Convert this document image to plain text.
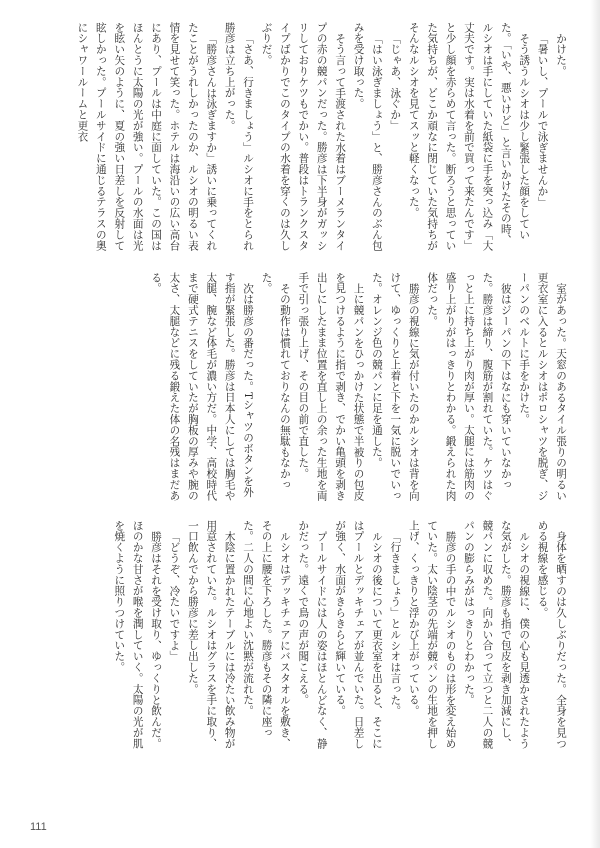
かけた。

「暑いし、プールで泳ぎませんか」

そう誘うルシオは少し緊張した顔をしていた。「いや、悪いけど」と言いかけたその時、ルシオは手にしていた紙袋に手を突っ込み「大丈夫です。実は水着を前で買って来たんです」と少し顔を赤らめて言った。断ろうと思っていた気持ちが、どこか頑なに閉じていた気持ちがそんなルシオを見てスッと軽くなった。

「じゃあ、泳ぐか」

「はい泳ぎましょう」と、勝彦さんのぶん包みを受け取った。

そう言って手渡された水着はブーメランタイプの赤の競パンだった。勝彦は下半身がガッシリしておりケツもでかい。普段はトランクスタイプばかりでこのタイプの水着を穿くのは久しぶりだ。

「さあ、行きましょう」ルシオに手をとられ勝彦は立ち上がった。

「勝彦さんは泳ぎますか」誘いに乗ってくれたことがうれしかったのか、ルシオの明るい表情を見せて笑った。ホテルは海沿いの広い高台にあり、プールは中庭に面していた。この国はほんとうに太陽の光が強い。プールの水面は光を眩い矢のように、夏の強い日差しを反射して眩しかった。プールサイドに通じるテラスの奥にシャワールームと更衣

室があった。天窓のあるタイル張りの明るい更衣室に入るとルシオはポロシャツを脱ぎ、ジーパンのベルトに手をかけた。

彼はジーパンの下はなにも穿いていなかった。勝彦は締り、腹筋が割れていた。ケツはぐっと上に持ち上がり肉が厚い。太腿には筋肉の盛り上がりがはっきりとわかる。鍛えられた肉体だった。

勝彦の視線に気が付いたのかルシオは背を向けて、ゆっくりと上着と下を一気に脱いでいった。オレンジ色の競パンに足を通した。

上に競パンをひっかけた状態で半被りの包皮を見つけるように指で剥き、でかい亀頭を剥き出しにしたまま位置を直し上の余った生地を両手で引っ張り上げ、その目の前で直した。

その動作は慣れておりなんの無駄もなかった。

次は勝彦の番だった。Tシャツのボタンを外す指が緊張した。勝彦は日本人にしては胸毛や太腿、腕など体毛が濃い方だ。中学、高校時代まで硬式テニスをしていたが胸板の厚みや腕の太さ、太腿などに残る鍛えた体の名残はまだある。

身体を晒すのは久しぶりだった。全身を見つめる視線を感じる。

ルシオの視線に、僕の心も見透かされたような気がした。勝彦も指で包皮を剥き加減にし、競パンに収めた。向かい合って立つと二人の競パンの膨らみがはっきりとわかった。

勝彦の手の中でルシオのものは形を変え始めていた。太い陰茎の先端が競パンの生地を押し上げ、くっきりと浮かび上がっている。

「行きましょう」とルシオは言った。

ルシオの後について更衣室を出ると、そこにはプールとデッキチェアが並んでいた。日差しが強く、水面がきらきらと輝いている。

プールサイドには人の姿はほとんどなく、静かだった。遠くで鳥の声が聞こえる。

ルシオはデッキチェアにバスタオルを敷き、その上に腰を下ろした。勝彦もその隣に座った。二人の間に心地よい沈黙が流れた。

木陰に置かれたテーブルには冷たい飲み物が用意されていた。ルシオはグラスを手に取り、一口飲んでから勝彦に差し出した。

「どうぞ、冷たいですよ」

勝彦はそれを受け取り、ゆっくりと飲んだ。ほのかな甘さが喉を潤していく。太陽の光が肌を焼くように照りつけていた。

111
